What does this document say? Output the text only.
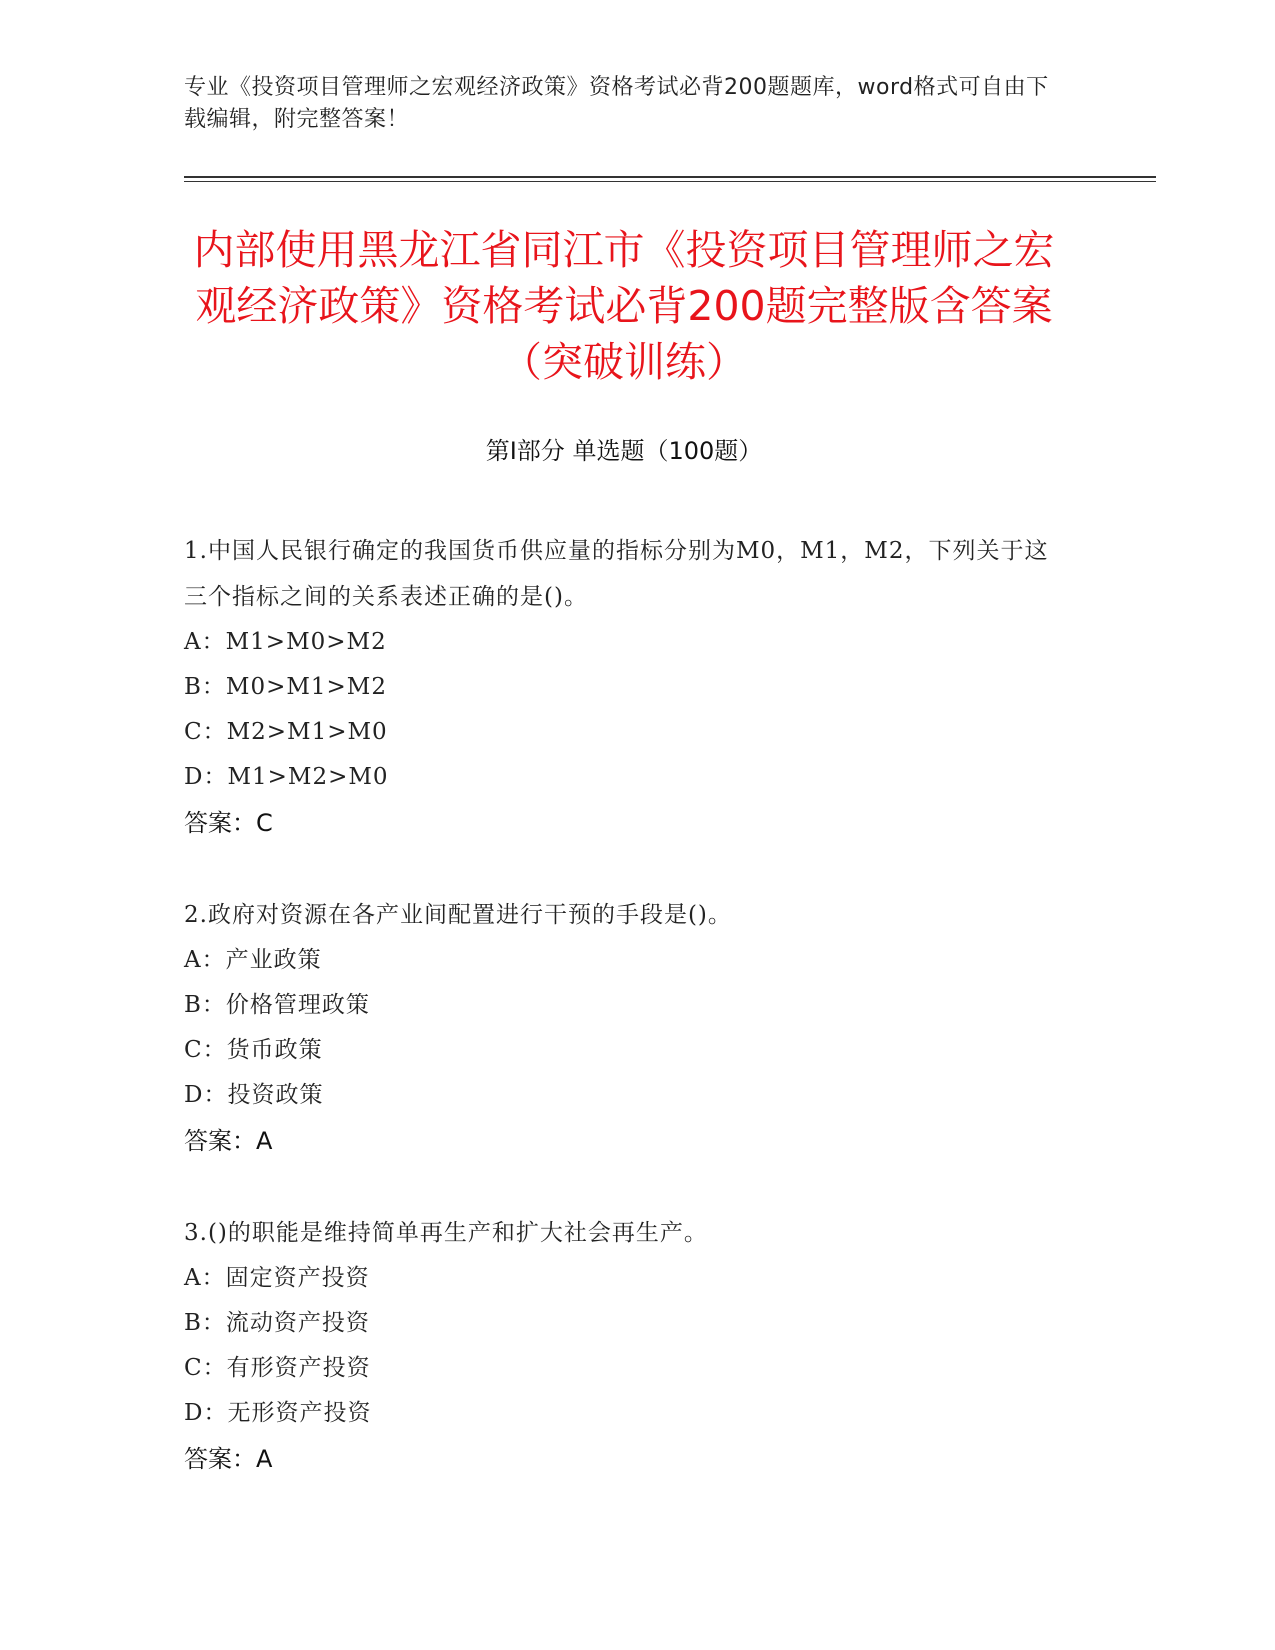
专业《投资项目管理师之宏观经济政策》资格考试必背200题题库，word格式可自由下载编辑，附完整答案！
内部使用黑龙江省同江市《投资项目管理师之宏观经济政策》资格考试必背200题完整版含答案（突破训练）
第Ⅰ部分 单选题（100题）

1.中国人民银行确定的我国货币供应量的指标分别为M0，M1，M2，下列关于这三个指标之间的关系表述正确的是()。

A：M1>M0>M2

B：M0>M1>M2

C：M2>M1>M0

D：M1>M2>M0

答案：C

2.政府对资源在各产业间配置进行干预的手段是()。

A：产业政策

B：价格管理政策

C：货币政策

D：投资政策

答案：A

3.()的职能是维持简单再生产和扩大社会再生产。

A：固定资产投资

B：流动资产投资

C：有形资产投资

D：无形资产投资

答案：A
